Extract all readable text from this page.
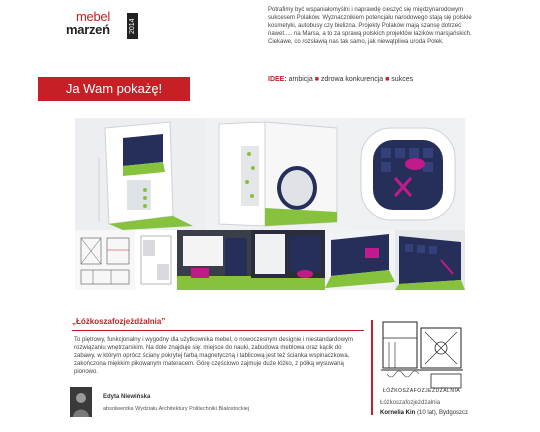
mebel
marzeń	2014
Potrafimy być wspaniałomyślni i naprawdę cieszyć się międzynarodowym sukcesem Polaków. Wyznacznikiem potencjału narodowego stają się polskie kosmetyki, autobusy czy bielizna. Projekty Polaków mają szansę dotrzeć nawet..... na Marsa, a to za sprawą polskich projektów łazików marsjańskich. Ciekawe, co rozsławią nas tak samo, jak niewątpliwa uroda Polek.
IDEE: ambicja ■ zdrowa konkurencja ■ sukces
Ja Wam pokażę!
„Łóżkoszafozjeżdżalnia”
To piętrowy, funkcjonalny i wygodny dla użytkownika mebel, o nowoczesnym designie i niestandardowym rozwiązaniu wnętrzarskim. Na dole znajduje się: miejsce do nauki, zabudowa meblowa oraz kącik do zabawy, w którym oprócz ściany pokrytej farbą magnetyczną i tablicową jest też ścianka wspinaczkowa, zakończona miękkim pikowanym materacem. Górę częściowo zajmuje duże łóżko, z półką wysuwaną pionowo.
Edyta Niewińska
absolwentka Wydziału Architektury Politechniki Białostockiej
ŁÓŻKOSZAFOZJEŻDŻALNIA
Łóżkoszafozjeżdżalnia
Kornelia Kin (10 lat), Bydgoszcz
